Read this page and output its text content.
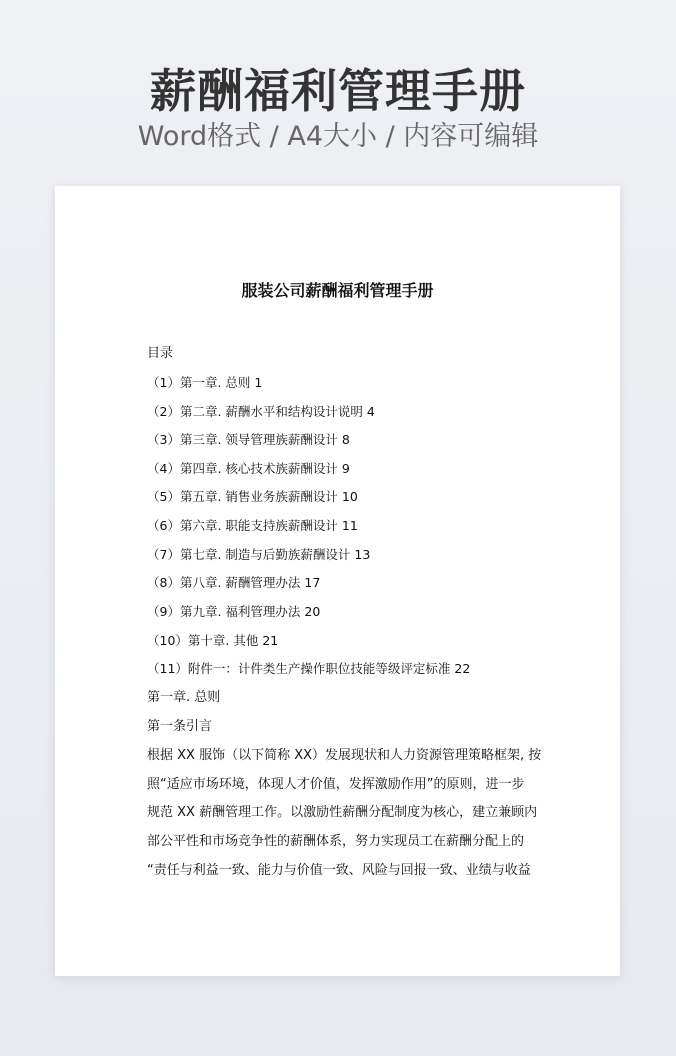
薪酬福利管理手册
Word格式 / A4大小 / 内容可编辑
服装公司薪酬福利管理手册
目录
（1）第一章. 总则 1
（2）第二章. 薪酬水平和结构设计说明 4
（3）第三章. 领导管理族薪酬设计 8
（4）第四章. 核心技术族薪酬设计 9
（5）第五章. 销售业务族薪酬设计 10
（6）第六章. 职能支持族薪酬设计 11
（7）第七章. 制造与后勤族薪酬设计 13
（8）第八章. 薪酬管理办法 17
（9）第九章. 福利管理办法 20
（10）第十章. 其他 21
（11）附件一：计件类生产操作职位技能等级评定标准 22
第一章. 总则
第一条引言
根据 XX 服饰（以下简称 XX）发展现状和人力资源管理策略框架, 按
照“适应市场环境，体现人才价值，发挥激励作用”的原则，进一步
规范 XX 薪酬管理工作。以激励性薪酬分配制度为核心，建立兼顾内
部公平性和市场竞争性的薪酬体系，努力实现员工在薪酬分配上的
“责任与利益一致、能力与价值一致、风险与回报一致、业绩与收益
